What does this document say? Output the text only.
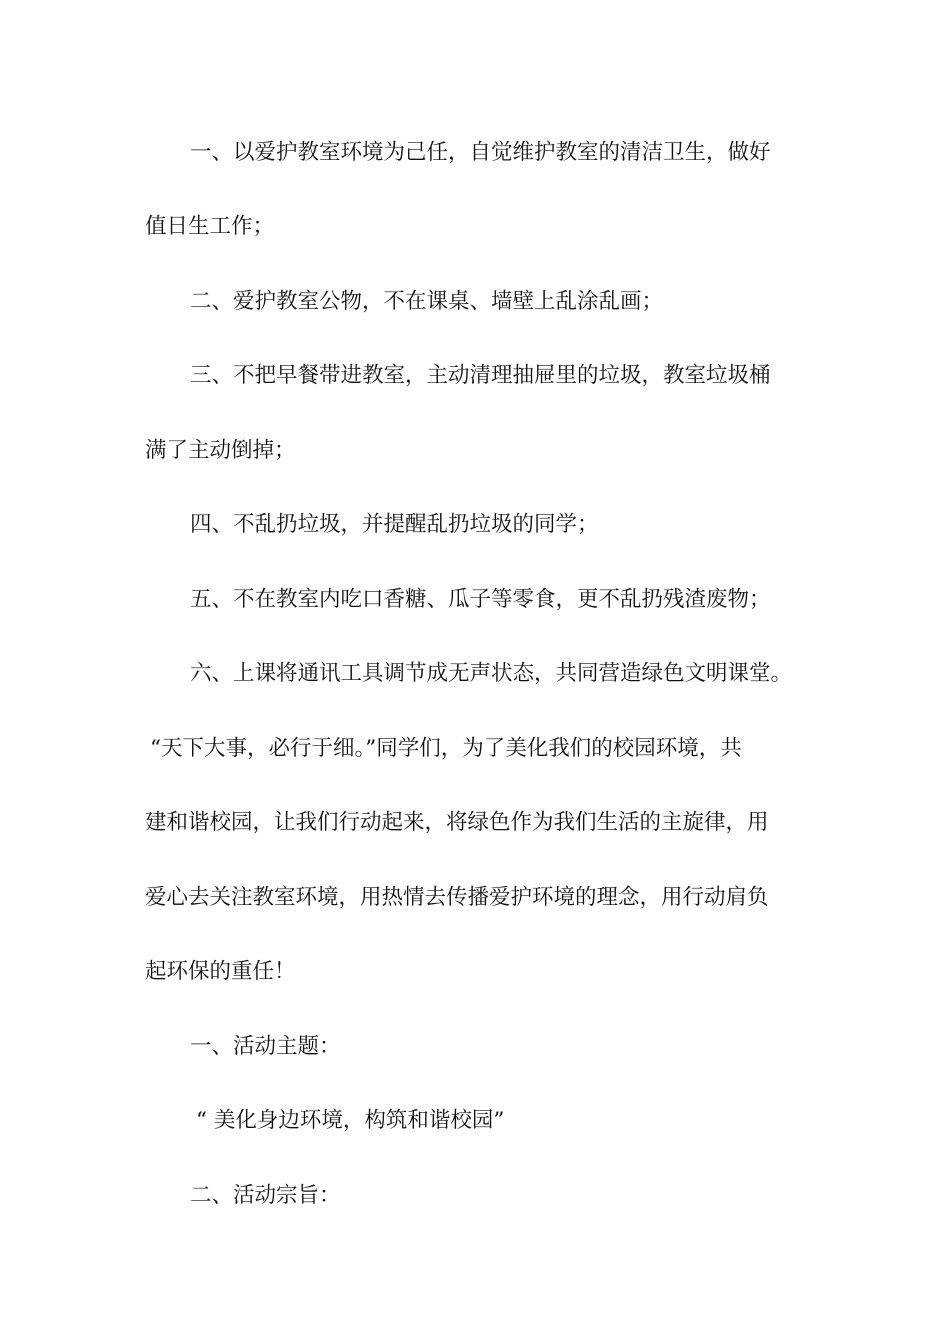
一、以爱护教室环境为己任，自觉维护教室的清洁卫生，做好
值日生工作；
二、爱护教室公物，不在课桌、墙壁上乱涂乱画；
三、不把早餐带进教室，主动清理抽屉里的垃圾，教室垃圾桶
满了主动倒掉；
四、不乱扔垃圾，并提醒乱扔垃圾的同学；
五、不在教室内吃口香糖、瓜子等零食，更不乱扔残渣废物；
六、上课将通讯工具调节成无声状态，共同营造绿色文明课堂。
“天下大事，必行于细。”同学们，为了美化我们的校园环境，共
建和谐校园，让我们行动起来，将绿色作为我们生活的主旋律，用
爱心去关注教室环境，用热情去传播爱护环境的理念，用行动肩负
起环保的重任！
一、活动主题：
“ 美化身边环境，构筑和谐校园”
二、活动宗旨：
